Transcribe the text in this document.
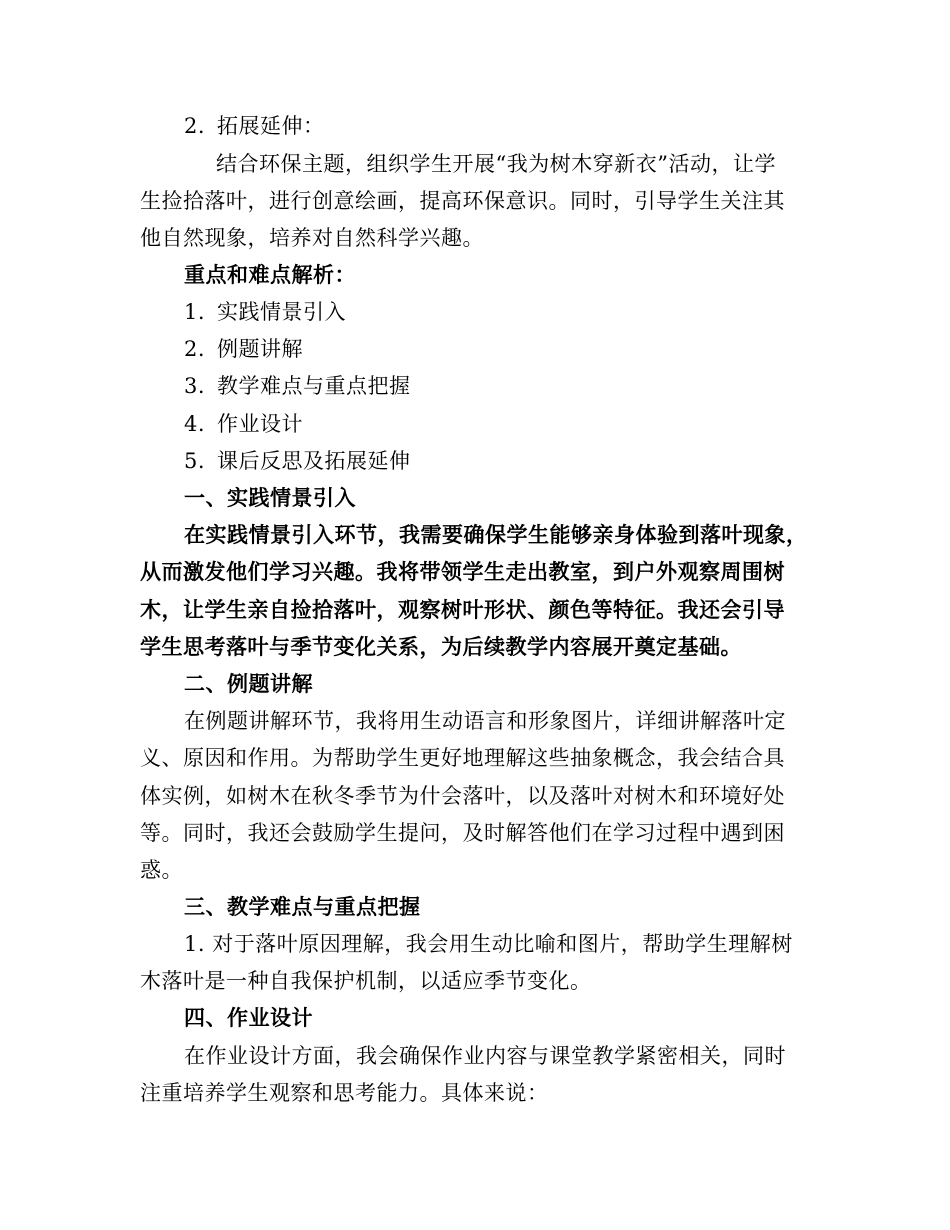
2. 拓展延伸：
结合环保主题，组织学生开展“我为树木穿新衣”活动，让学
生捡拾落叶，进行创意绘画，提高环保意识。同时，引导学生关注其
他自然现象，培养对自然科学兴趣。
重点和难点解析：
1. 实践情景引入
2. 例题讲解
3. 教学难点与重点把握
4. 作业设计
5. 课后反思及拓展延伸
一、实践情景引入
在实践情景引入环节，我需要确保学生能够亲身体验到落叶现象，
从而激发他们学习兴趣。我将带领学生走出教室，到户外观察周围树
木，让学生亲自捡拾落叶，观察树叶形状、颜色等特征。我还会引导
学生思考落叶与季节变化关系，为后续教学内容展开奠定基础。
二、例题讲解
在例题讲解环节，我将用生动语言和形象图片，详细讲解落叶定
义、原因和作用。为帮助学生更好地理解这些抽象概念，我会结合具
体实例，如树木在秋冬季节为什会落叶，以及落叶对树木和环境好处
等。同时，我还会鼓励学生提问，及时解答他们在学习过程中遇到困
惑。
三、教学难点与重点把握
1. 对于落叶原因理解，我会用生动比喻和图片，帮助学生理解树
木落叶是一种自我保护机制，以适应季节变化。
四、作业设计
在作业设计方面，我会确保作业内容与课堂教学紧密相关，同时
注重培养学生观察和思考能力。具体来说：
